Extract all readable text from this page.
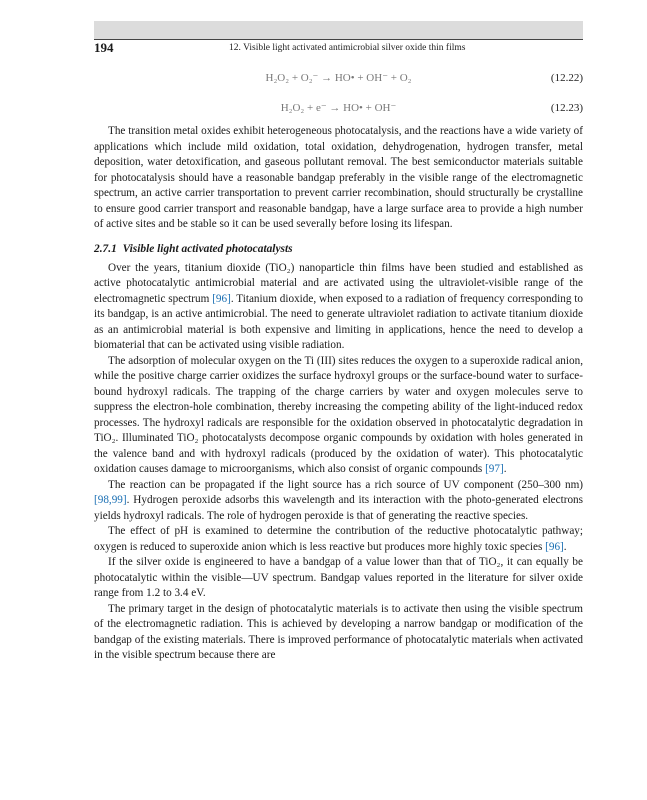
194	12. Visible light activated antimicrobial silver oxide thin films
H₂O₂ + O₂⁻ → HO• + OH⁻ + O₂	(12.22)
H₂O₂ + e⁻ → HO• + OH⁻	(12.23)

The transition metal oxides exhibit heterogeneous photocatalysis, and the reactions have a wide variety of applications which include mild oxidation, total oxidation, dehydrogenation, hydrogen transfer, metal deposition, water detoxification, and gaseous pollutant removal. The best semiconductor materials suitable for photocatalysis should have a reasonable bandgap preferably in the visible range of the electromagnetic spectrum, an active carrier transportation to prevent carrier recombination, should structurally be crystalline to ensure good carrier transport and reasonable bandgap, have a large surface area to provide a high number of active sites and be stable so it can be used severally before losing its lifespan.

2.7.1 Visible light activated photocatalysts

Over the years, titanium dioxide (TiO₂) nanoparticle thin films have been studied and established as active photocatalytic antimicrobial material and are activated using the ultraviolet-visible range of the electromagnetic spectrum [96]. Titanium dioxide, when exposed to a radiation of frequency corresponding to its bandgap, is an active antimicrobial. The need to generate ultraviolet radiation to activate titanium dioxide as an antimicrobial material is both expensive and limiting in applications, hence the need to develop a biomaterial that can be activated using visible radiation.

The adsorption of molecular oxygen on the Ti (III) sites reduces the oxygen to a superoxide radical anion, while the positive charge carrier oxidizes the surface hydroxyl groups or the surface-bound water to surface-bound hydroxyl radicals. The trapping of the charge carriers by water and oxygen molecules serve to suppress the electron-hole combination, thereby increasing the competing ability of the light-induced redox processes. The hydroxyl radicals are responsible for the oxidation observed in photocatalytic degradation in TiO₂. Illuminated TiO₂ photocatalysts decompose organic compounds by oxidation with holes generated in the valence band and with hydroxyl radicals (produced by the oxidation of water). This photocatalytic oxidation causes damage to microorganisms, which also consist of organic compounds [97].

The reaction can be propagated if the light source has a rich source of UV component (250–300 nm) [98,99]. Hydrogen peroxide adsorbs this wavelength and its interaction with the photo-generated electrons yields hydroxyl radicals. The role of hydrogen peroxide is that of generating the reactive species.

The effect of pH is examined to determine the contribution of the reductive photocatalytic pathway; oxygen is reduced to superoxide anion which is less reactive but produces more highly toxic species [96].

If the silver oxide is engineered to have a bandgap of a value lower than that of TiO₂, it can equally be photocatalytic within the visible—UV spectrum. Bandgap values reported in the literature for silver oxide range from 1.2 to 3.4 eV.

The primary target in the design of photocatalytic materials is to activate then using the visible spectrum of the electromagnetic radiation. This is achieved by developing a narrow bandgap or modification of the bandgap of the existing materials. There is improved performance of photocatalytic materials when activated in the visible spectrum because there are
